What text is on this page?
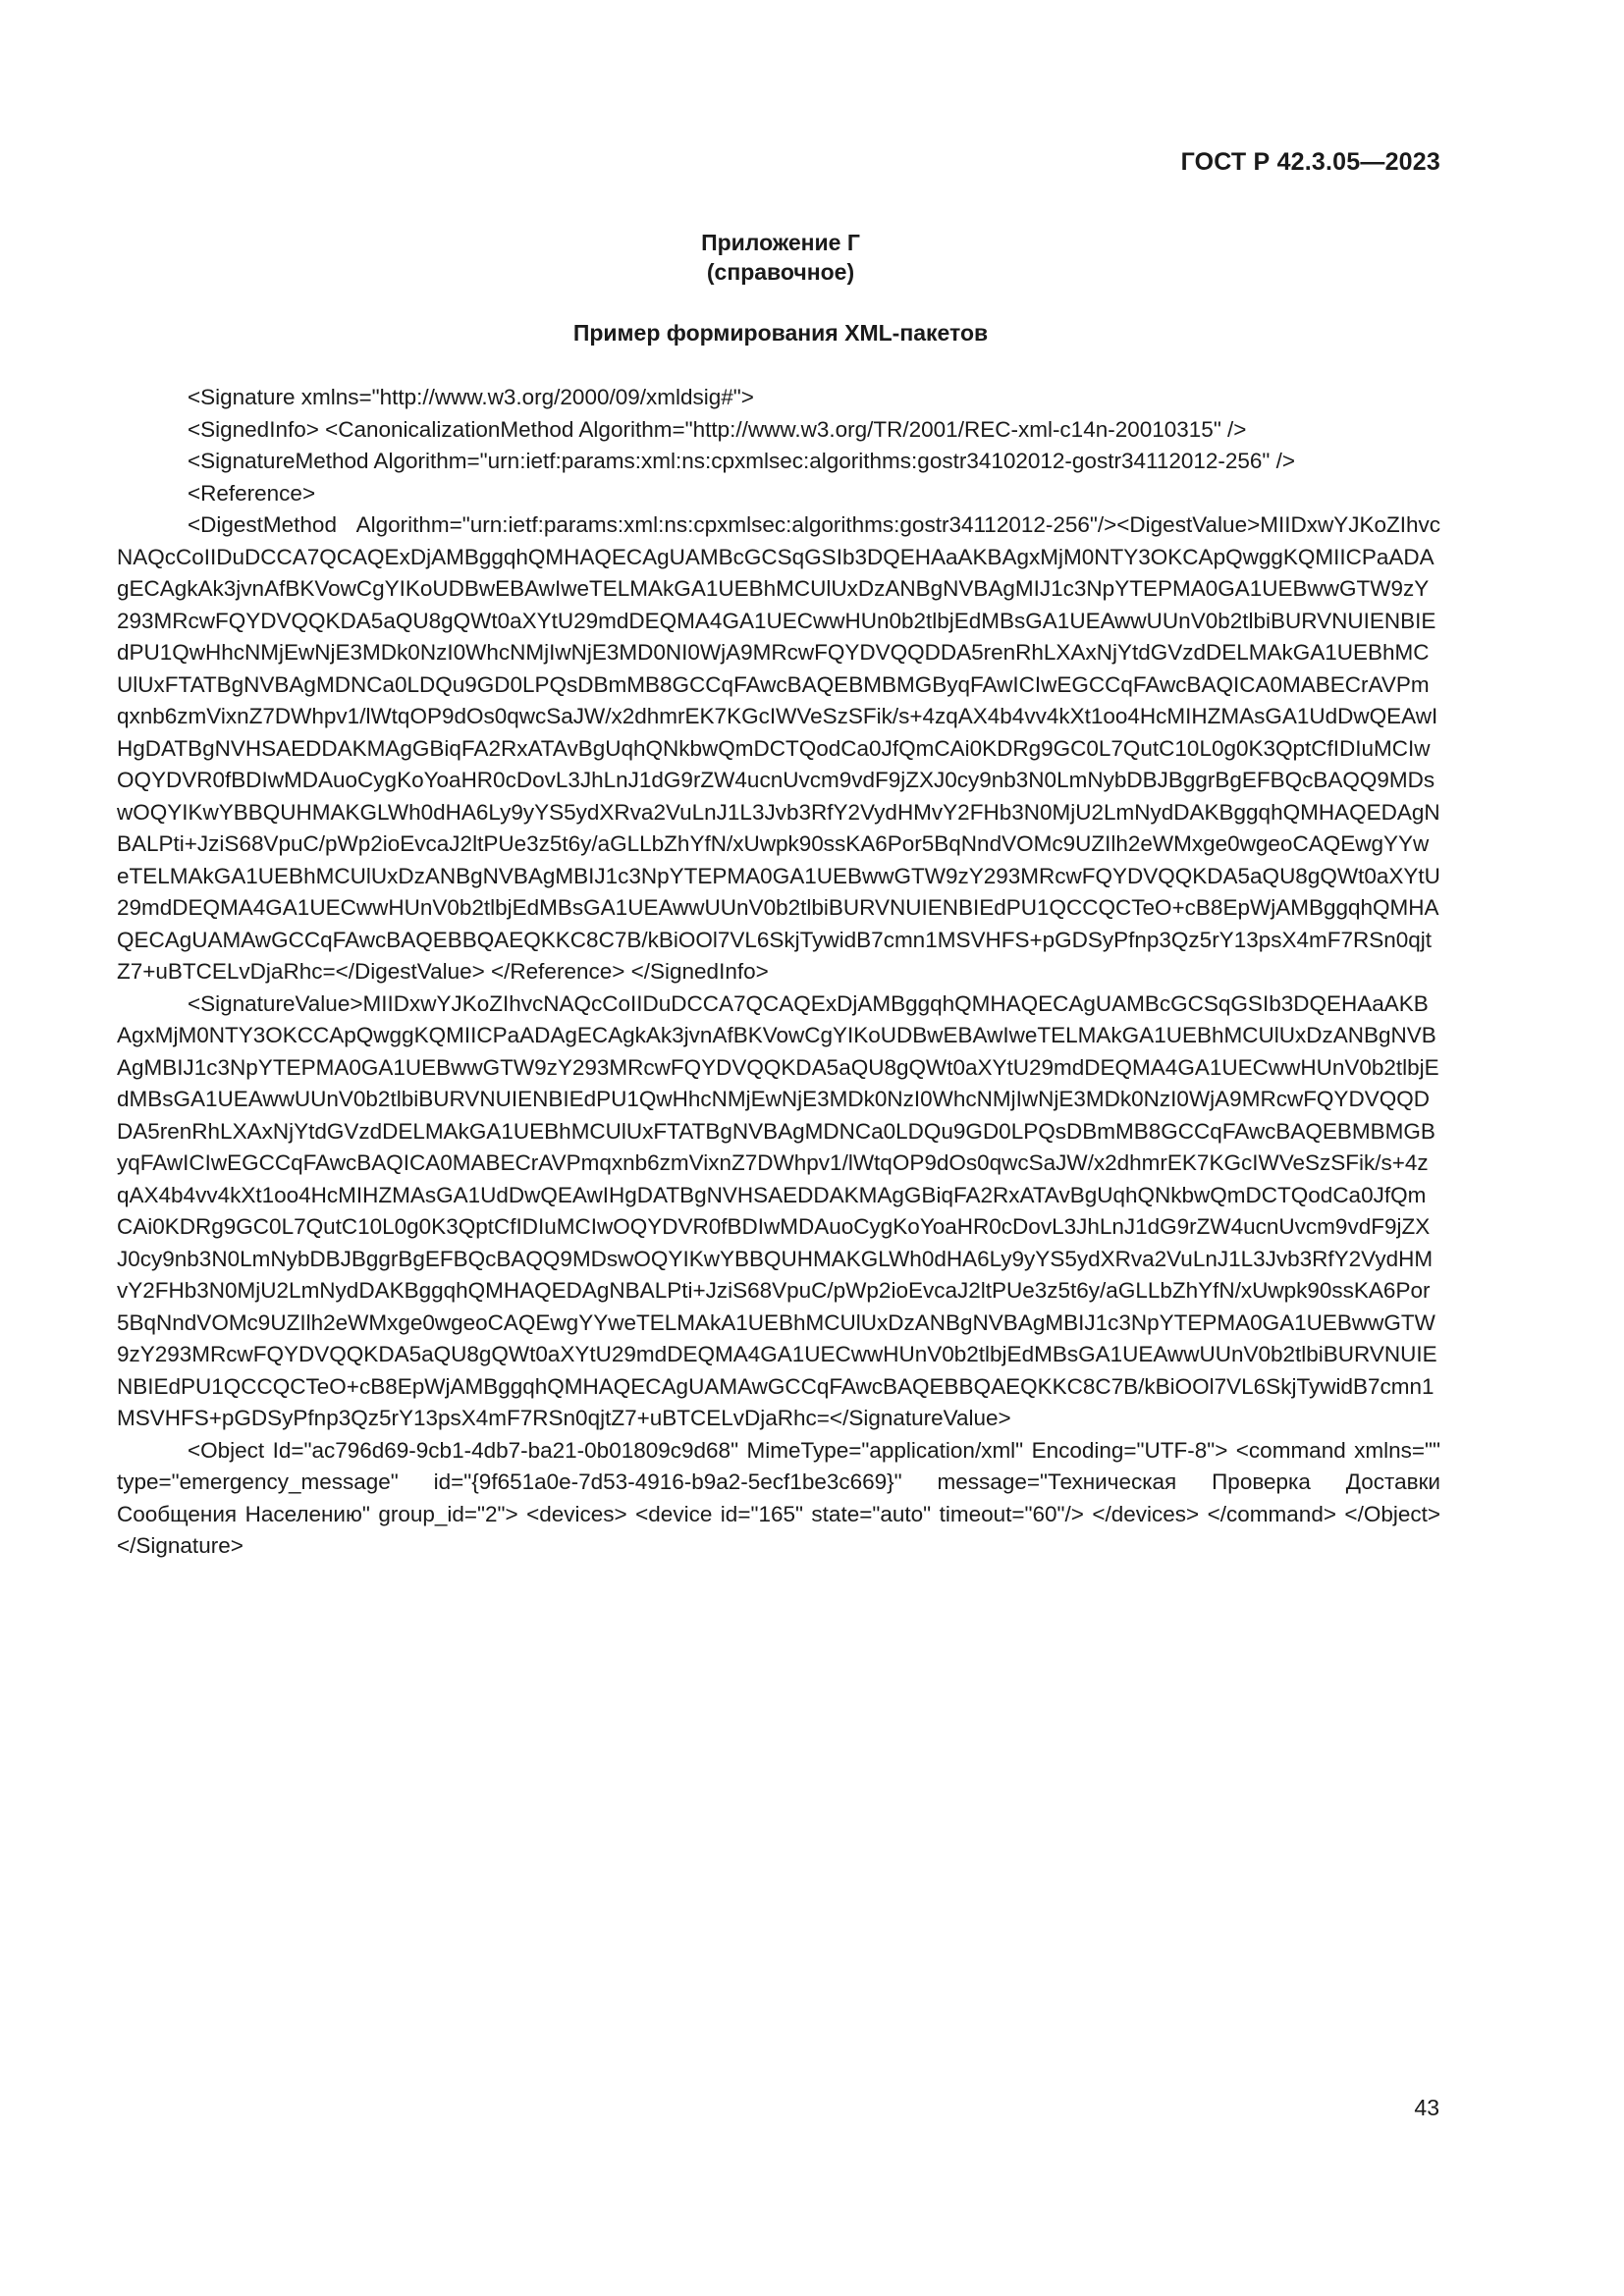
ГОСТ Р 42.3.05—2023
Приложение Г
(справочное)
Пример формирования XML-пакетов

<Signature xmlns="http://www.w3.org/2000/09/xmldsig#">

<SignedInfo> <CanonicalizationMethod Algorithm="http://www.w3.org/TR/2001/REC-xml-c14n-20010315" />

<SignatureMethod Algorithm="urn:ietf:params:xml:ns:cpxmlsec:algorithms:gostr34102012-gostr34112012-256" />

<Reference>

<DigestMethod Algorithm="urn:ietf:params:xml:ns:cpxmlsec:algorithms:gostr34112012-256"/><DigestValue>MIIDxwYJKoZIhvcNAQcCoIIDuDCCA7QCAQExDjAMBggqhQMHAQECAgUAMBcGCSqGSIb3DQEHAaAKBAgxMjM0NTY3OKCApQwggKQMIICPaADAgECAgkAk3jvnAfBKVowCgYIKoUDBwEBAwIweTELMAkGA1UEBhMCUlUxDzANBgNVBAgMIJ1c3NpYTEPMA0GA1UEBwwGTW9zY293MRcwFQYDVQQKDA5aQU8gQWt0aXYtU29mdDEQMA4GA1UECwwHUn0b2tlbjEdMBsGA1UEAwwUUnV0b2tlbiBURVNUIENBIEdPU1QwHhcNMjEwNjE3MDk0NzI0WhcNMjIwNjE3MD0NI0WjA9MRcwFQYDVQQDDA5renRhLXAxNjYtdGVzdDELMAkGA1UEBhMCUlUxFTATBgNVBAgMDNCa0LDQu9GD0LPQsDBmMB8GCCqFAwcBAQEBMBMGByqFAwICIwEGCCqFAwcBAQICA0MABECrAVPmqxnb6zmVixnZ7DWhpv1/lWtqOP9dOs0qwcSaJW/x2dhmrEK7KGcIWVeSzSFik/s+4zqAX4b4vv4kXt1oo4HcMIHZMAsGA1UdDwQEAwIHgDATBgNVHSAEDDAKMAgGBiqFA2RxATAvBgUqhQNkbwQmDCTQodCa0JfQmCAi0KDRg9GC0L7QutC10L0g0K3QptCfIDIuMCIwOQYDVR0fBDIwMDAuoCygKoYoaHR0cDovL3JhLnJ1dG9rZW4ucnUvcm9vdF9jZXJ0cy9nb3N0LmNybDBJBggrBgEFBQcBAQQ9MDswOQYIKwYBBQUHMAKGLWh0dHA6Ly9yYS5ydXRva2VuLnJ1L3Jvb3RfY2VydHMvY2FHb3N0MjU2LmNydDAKBggqhQMHAQEDAgNBALPti+JziS68VpuC/pWp2ioEvcaJ2ltPUe3z5t6y/aGLLbZhYfN/xUwpk90ssKA6Por5BqNndVOMc9UZIlh2eWMxge0wgeoCAQEwgYYweTELMAkGA1UEBhMCUlUxDzANBgNVBAgMBIJ1c3NpYTEPMA0GA1UEBwwGTW9zY293MRcwFQYDVQQKDA5aQU8gQWt0aXYtU29mdDEQMA4GA1UECwwHUnV0b2tlbjEdMBsGA1UEAwwUUnV0b2tlbiBURVNUIENBIEdPU1QCCQCTeO+cB8EpWjAMBggqhQMHAQECAgUAMAwGCCqFAwcBAQEBBQAEQKKC8C7B/kBiOOl7VL6SkjTywidB7cmn1MSVHFS+pGDSyPfnp3Qz5rY13psX4mF7RSn0qjtZ7+uBTCELvDjaRhc=</DigestValue> </Reference> </SignedInfo>

<SignatureValue>MIIDxwYJKoZIhvcNAQcCoIIDuDCCA7QCAQExDjAMBggqhQMHAQECAgUAMBcGCSqGSIb3DQEHAaAKBAgxMjM0NTY3OKCCApQwggKQMIICPaADAgECAgkAk3jvnAfBKVowCgYIKoUDBwEBAwIweTELMAkGA1UEBhMCUlUxDzANBgNVBAgMBIJ1c3NpYTEPMA0GA1UEBwwGTW9zY293MRcwFQYDVQQKDA5aQU8gQWt0aXYtU29mdDEQMA4GA1UECwwHUnV0b2tlbjEdMBsGA1UEAwwUUnV0b2tlbiBURVNUIENBIEdPU1QwHhcNMjEwNjE3MDk0NzI0WhcNMjIwNjE3MDk0NzI0WjA9MRcwFQYDVQQDDA5renRhLXAxNjYtdGVzdDELMAkGA1UEBhMCUlUxFTATBgNVBAgMDNCa0LDQu9GD0LPQsDBmMB8GCCqFAwcBAQEBMBMGByqFAwICIwEGCCqFAwcBAQICA0MABECrAVPmqxnb6zmVixnZ7DWhpv1/lWtqOP9dOs0qwcSaJW/x2dhmrEK7KGcIWVeSzSFik/s+4zqAX4b4vv4kXt1oo4HcMIHZMAsGA1UdDwQEAwIHgDATBgNVHSAEDDAKMAgGBiqFA2RxATAvBgUqhQNkbwQmDCTQodCa0JfQmCAi0KDRg9GC0L7QutC10L0g0K3QptCfIDIuMCIwOQYDVR0fBDIwMDAuoCygKoYoaHR0cDovL3JhLnJ1dG9rZW4ucnUvcm9vdF9jZXJ0cy9nb3N0LmNybDBJBggrBgEFBQcBAQQ9MDswOQYIKwYBBQUHMAKGLWh0dHA6Ly9yYS5ydXRva2VuLnJ1L3Jvb3RfY2VydHMvY2FHb3N0MjU2LmNydDAKBggqhQMHAQEDAgNBALPti+JziS68VpuC/pWp2ioEvcaJ2ltPUe3z5t6y/aGLLbZhYfN/xUwpk90ssKA6Por5BqNndVOMc9UZIlh2eWMxge0wgeoCAQEwgYYweTELMAkA1UEBhMCUlUxDzANBgNVBAgMBIJ1c3NpYTEPMA0GA1UEBwwGTW9zY293MRcwFQYDVQQKDA5aQU8gQWt0aXYtU29mdDEQMA4GA1UECwwHUnV0b2tlbjEdMBsGA1UEAwwUUnV0b2tlbiBURVNUIENBIEdPU1QCCQCTeO+cB8EpWjAMBggqhQMHAQECAgUAMAwGCCqFAwcBAQEBBQAEQKKC8C7B/kBiOOl7VL6SkjTywidB7cmn1MSVHFS+pGDSyPfnp3Qz5rY13psX4mF7RSn0qjtZ7+uBTCELvDjaRhc=</SignatureValue>

<Object Id="ac796d69-9cb1-4db7-ba21-0b01809c9d68" MimeType="application/xml" Encoding="UTF-8"> <command xmlns="" type="emergency_message" id="{9f651a0e-7d53-4916-b9a2-5ecf1be3c669}" message="Техническая Проверка Доставки Сообщения Населению" group_id="2"> <devices> <device id="165" state="auto" timeout="60"/> </devices> </command> </Object> </Signature>

43
